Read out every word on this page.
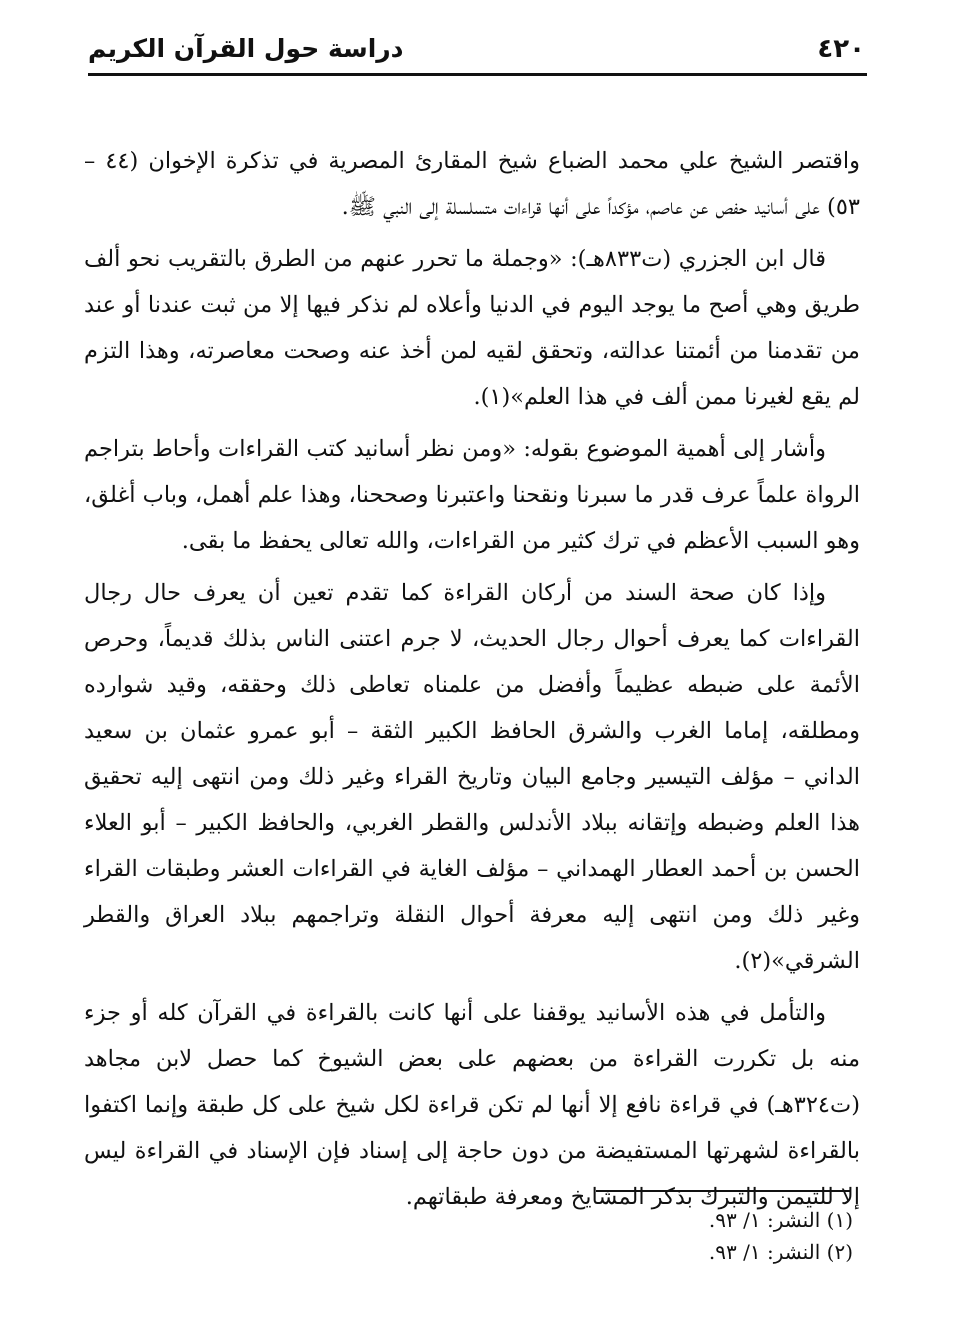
٤٢٠
دراسة حول القرآن الكريم

واقتصر الشيخ علي محمد الضباع شيخ المقارئ المصرية في تذكرة الإخوان (٤٤ – ٥٣) على أسانيد حفص عن عاصم، مؤكداً على أنها قراءات متسلسلة إلى النبي ﷺ.

قال ابن الجزري (ت٨٣٣هـ): «وجملة ما تحرر عنهم من الطرق بالتقريب نحو ألف طريق وهي أصح ما يوجد اليوم في الدنيا وأعلاه لم نذكر فيها إلا من ثبت عندنا أو عند من تقدمنا من أئمتنا عدالته، وتحقق لقيه لمن أخذ عنه وصحت معاصرته، وهذا التزم لم يقع لغيرنا ممن ألف في هذا العلم»(١).

وأشار إلى أهمية الموضوع بقوله: «ومن نظر أسانيد كتب القراءات وأحاط بتراجم الرواة علماً عرف قدر ما سبرنا ونقحنا واعتبرنا وصححنا، وهذا علم أهمل، وباب أغلق، وهو السبب الأعظم في ترك كثير من القراءات، والله تعالى يحفظ ما بقى.

وإذا كان صحة السند من أركان القراءة كما تقدم تعين أن يعرف حال رجال القراءات كما يعرف أحوال رجال الحديث، لا جرم اعتنى الناس بذلك قديماً، وحرص الأئمة على ضبطه عظيماً وأفضل من علمناه تعاطى ذلك وحققه، وقيد شوارده ومطلقه، إماما الغرب والشرق الحافظ الكبير الثقة – أبو عمرو عثمان بن سعيد الداني – مؤلف التيسير وجامع البيان وتاريخ القراء وغير ذلك ومن انتهى إليه تحقيق هذا العلم وضبطه وإتقانه ببلاد الأندلس والقطر الغربي، والحافظ الكبير – أبو العلاء الحسن بن أحمد العطار الهمداني – مؤلف الغاية في القراءات العشر وطبقات القراء وغير ذلك ومن انتهى إليه معرفة أحوال النقلة وتراجمهم ببلاد العراق والقطر الشرقي»(٢).

والتأمل في هذه الأسانيد يوقفنا على أنها كانت بالقراءة في القرآن كله أو جزء منه بل تكررت القراءة من بعضهم على بعض الشيوخ كما حصل لابن مجاهد (ت٣٢٤هـ) في قراءة نافع إلا أنها لم تكن قراءة لكل شيخ على كل طبقة وإنما اكتفوا بالقراءة لشهرتها المستفيضة من دون حاجة إلى إسناد فإن الإسناد في القراءة ليس إلا للتيمن والتبرك بذكر المشايخ ومعرفة طبقاتهم.

(١) النشر: ١/ ٩٣.
(٢) النشر: ١/ ٩٣.
